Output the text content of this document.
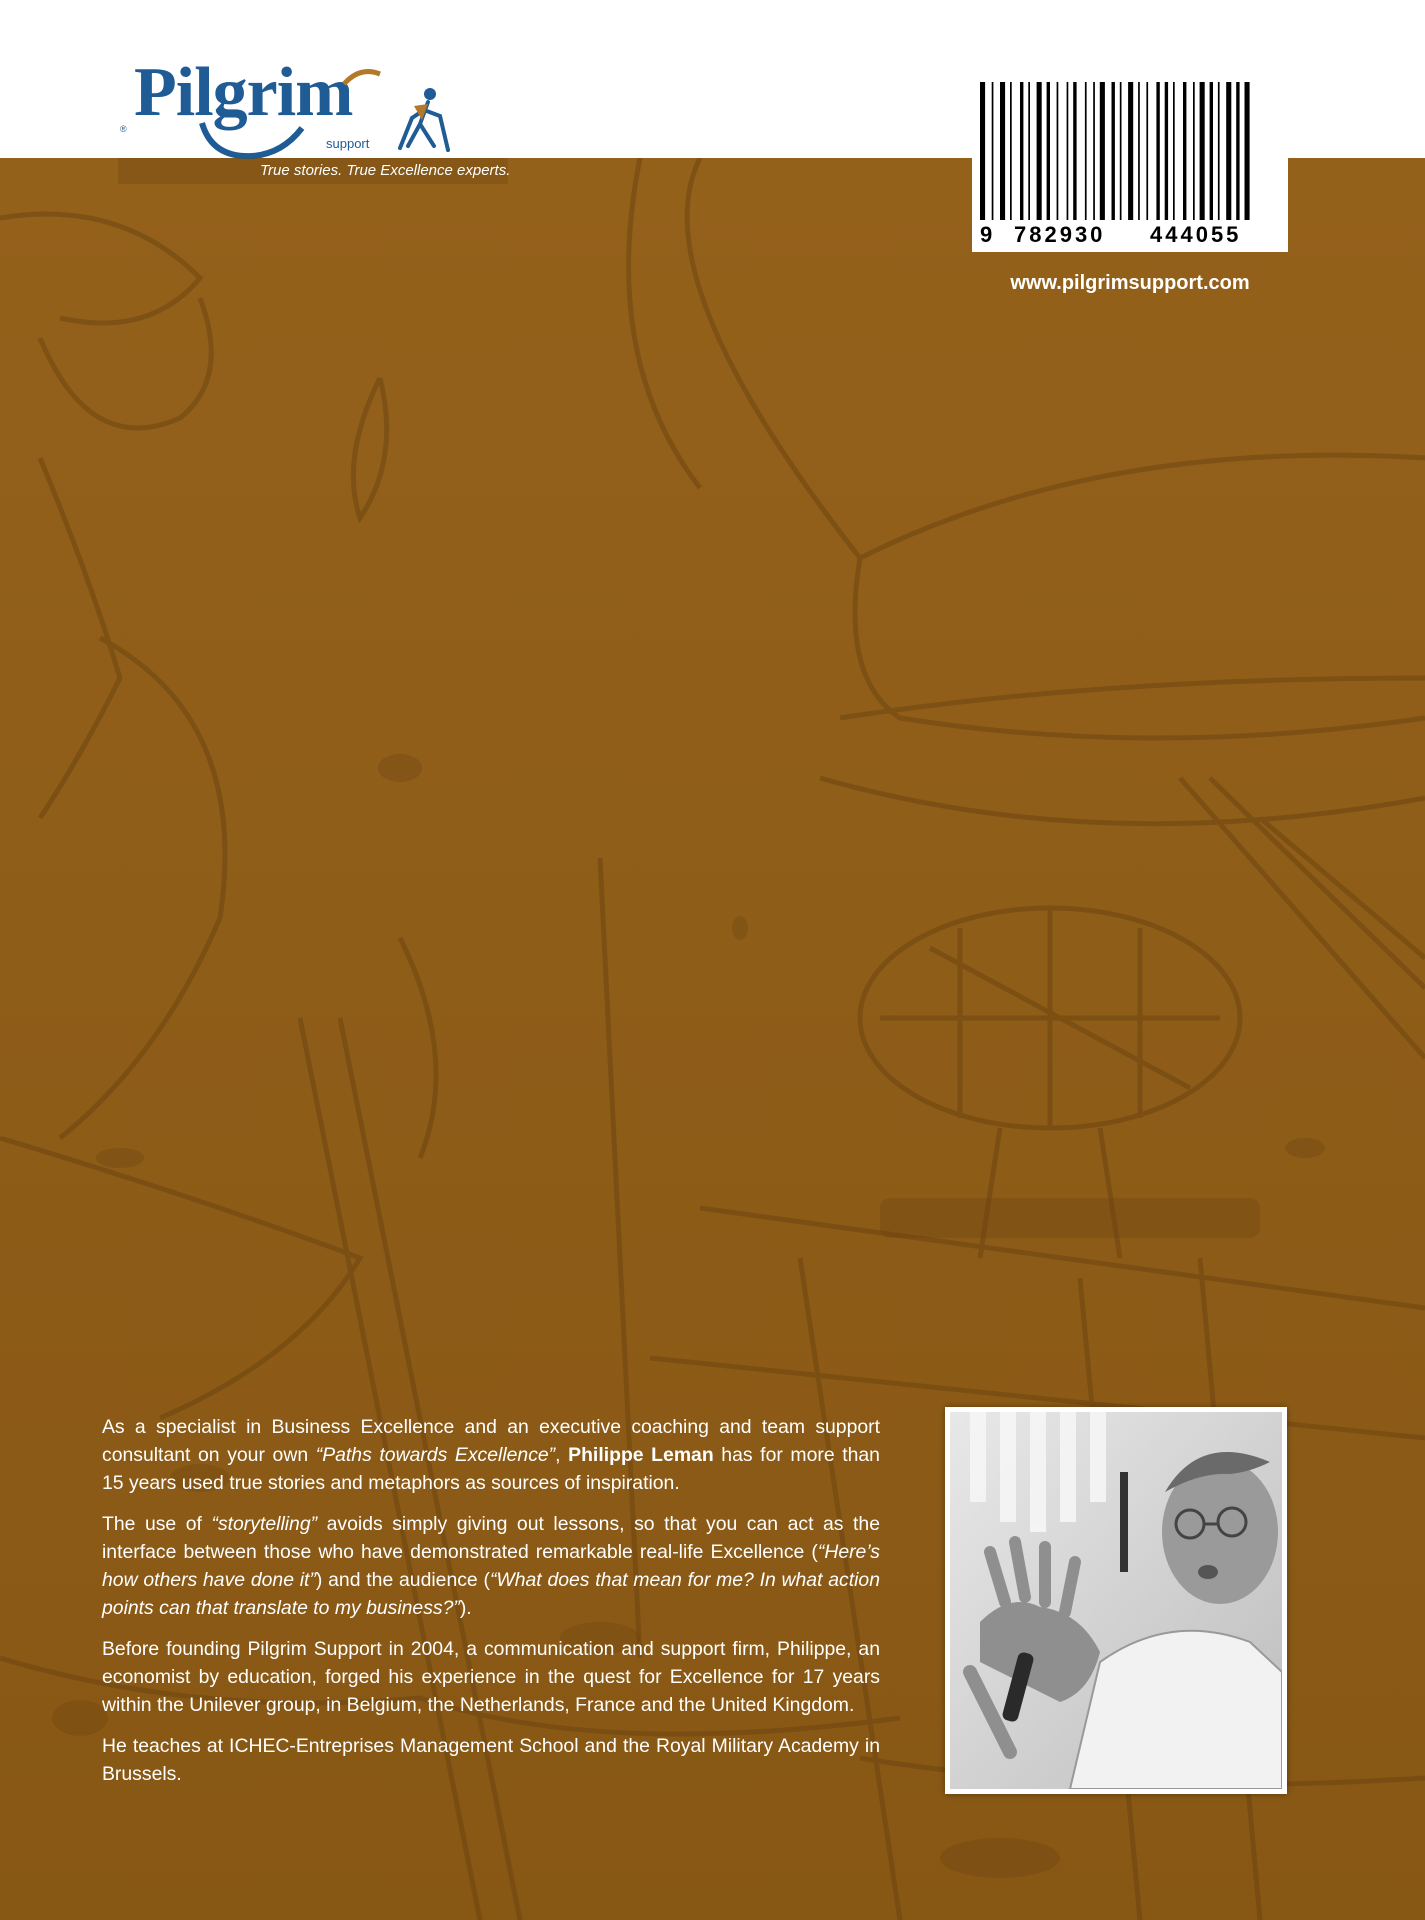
Pilgrim
®
support
True stories. True Excellence experts.
9 782930 444055
www.pilgrimsupport.com

As a specialist in Business Excellence and an executive coaching and team support consultant on your own “Paths towards Excellence”, Philippe Leman has for more than 15 years used true stories and metaphors as sources of inspiration.

The use of “storytelling” avoids simply giving out lessons, so that you can act as the interface between those who have demonstrated remarkable real-life Excellence (“Here’s how others have done it”) and the audience (“What does that mean for me? In what action points can that translate to my business?”).

Before founding Pilgrim Support in 2004, a communication and support firm, Philippe, an economist by education, forged his experience in the quest for Excellence for 17 years within the Unilever group, in Belgium, the Netherlands, France and the United Kingdom.

He teaches at ICHEC-Entreprises Management School and the Royal Military Academy in Brussels.
